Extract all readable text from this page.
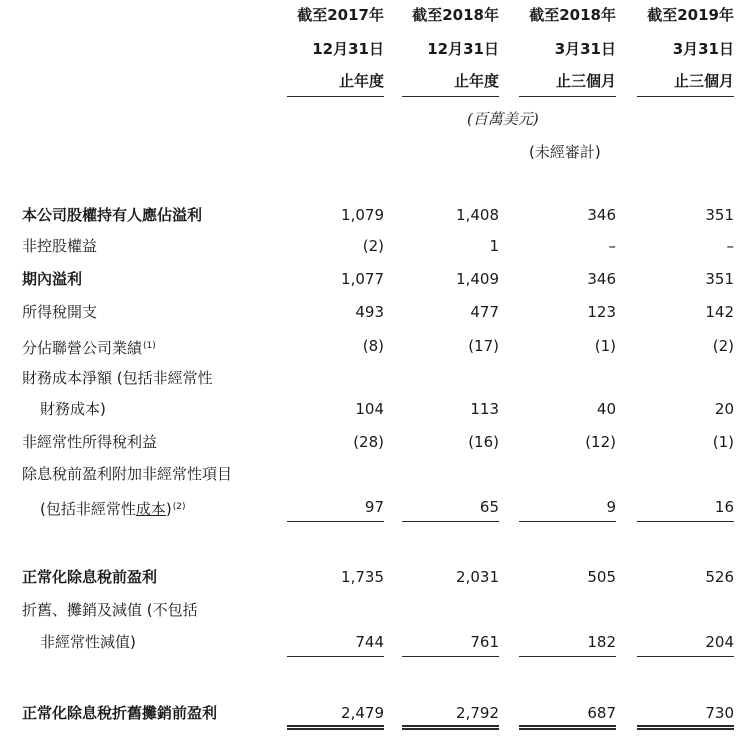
截至2017年
12月31日
止年度
截至2018年
12月31日
止年度
截至2018年
3月31日
止三個月
截至2019年
3月31日
止三個月
(百萬美元)
(未經審計)
本公司股權持有人應佔溢利	1,079	1,408	346	351
非控股權益	(2)	1	–	–
期內溢利	1,077	1,409	346	351
所得稅開支	493	477	123	142
分佔聯營公司業績$^{(1)}$	(8)	(17)	(1)	(2)
財務成本淨額 (包括非經常性
財務成本)	104	113	40	20
非經常性所得稅利益	(28)	(16)	(12)	(1)
除息稅前盈利附加非經常性項目
(包括非經常性成本)$^{(2)}$	97	65	9	16
正常化除息稅前盈利	1,735	2,031	505	526
折舊、攤銷及減值 (不包括
非經常性減值)	744	761	182	204
正常化除息稅折舊攤銷前盈利	2,479	2,792	687	730
